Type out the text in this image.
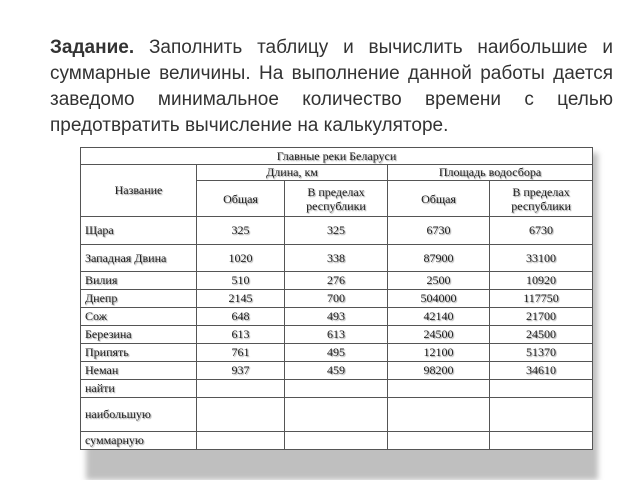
Задание. Заполнить таблицу и вычислить наибольшие и суммарные величины. На выполнение данной работы дается заведомо минимальное количество времени с целью предотвратить вычисление на калькуляторе.
Главные реки Беларуси				
Название	Длина, км		Площадь водосбора	
	Общая	В пределах республики	Общая	В пределах республики
Щара	325	325	6730	6730
Западная Двина	1020	338	87900	33100
Вилия	510	276	2500	10920
Днепр	2145	700	504000	117750
Сож	648	493	42140	21700
Березина	613	613	24500	24500
Припять	761	495	12100	51370
Неман	937	459	98200	34610
найти				
наибольшую				
суммарную				
